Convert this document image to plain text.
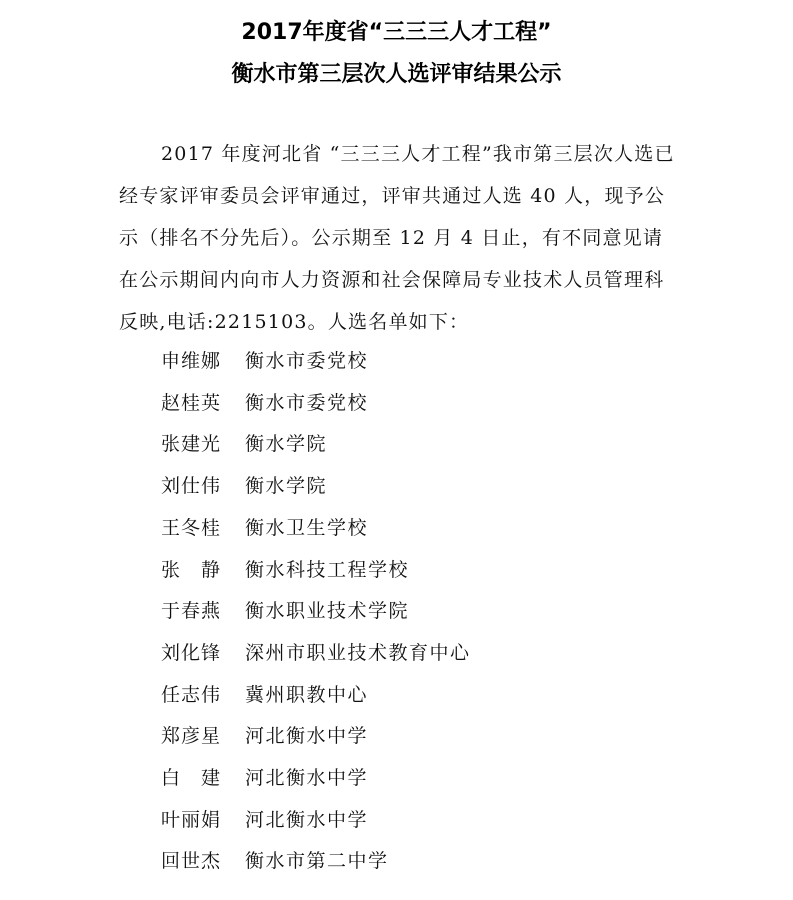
2017年度省“三三三人才工程”
衡水市第三层次人选评审结果公示

2017 年度河北省 “三三三人才工程”我市第三层次人选已经专家评审委员会评审通过，评审共通过人选 40 人，现予公示（排名不分先后）。公示期至 12 月 4 日止，有不同意见请在公示期间内向市人力资源和社会保障局专业技术人员管理科反映,电话:2215103。人选名单如下：

申维娜	衡水市委党校
赵桂英	衡水市委党校
张建光	衡水学院
刘仕伟	衡水学院
王冬桂	衡水卫生学校
张　静	衡水科技工程学校
于春燕	衡水职业技术学院
刘化锋	深州市职业技术教育中心
任志伟	冀州职教中心
郑彦星	河北衡水中学
白　建	河北衡水中学
叶丽娟	河北衡水中学
回世杰	衡水市第二中学
